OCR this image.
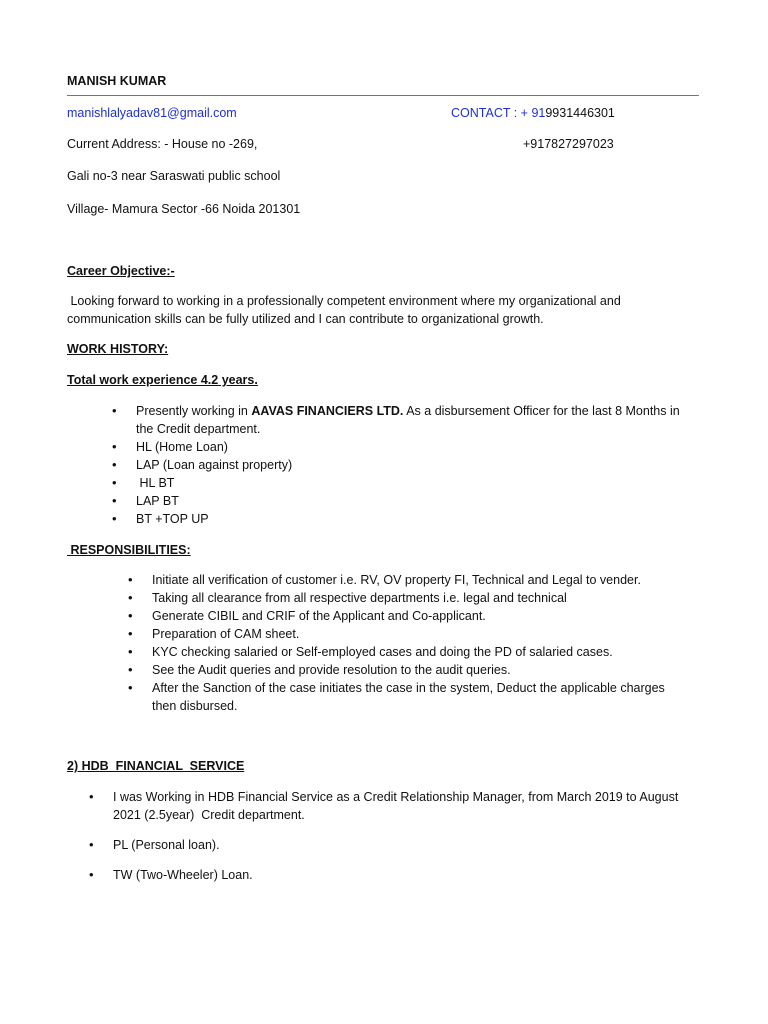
MANISH KUMAR
manishlalyadav81@gmail.com	CONTACT : + 919931446301
Current Address: - House no -269,	+917827297023
Gali no-3 near Saraswati public school
Village- Mamura Sector -66 Noida 201301
Career Objective:-
Looking forward to working in a professionally competent environment where my organizational and communication skills can be fully utilized and I can contribute to organizational growth.
WORK HISTORY:
Total work experience 4.2 years.
• Presently working in AAVAS FINANCIERS LTD. As a disbursement Officer for the last 8 Months in the Credit department.
• HL (Home Loan)
• LAP (Loan against property)
•  HL BT
• LAP BT
• BT +TOP UP
RESPONSIBILITIES:
• Initiate all verification of customer i.e. RV, OV property FI, Technical and Legal to vender.
• Taking all clearance from all respective departments i.e. legal and technical
• Generate CIBIL and CRIF of the Applicant and Co-applicant.
• Preparation of CAM sheet.
• KYC checking salaried or Self-employed cases and doing the PD of salaried cases.
• See the Audit queries and provide resolution to the audit queries.
• After the Sanction of the case initiates the case in the system, Deduct the applicable charges then disbursed.
2) HDB  FINANCIAL  SERVICE
• I was Working in HDB Financial Service as a Credit Relationship Manager, from March 2019 to August 2021 (2.5year)  Credit department.
• PL (Personal loan).
• TW (Two-Wheeler) Loan.
